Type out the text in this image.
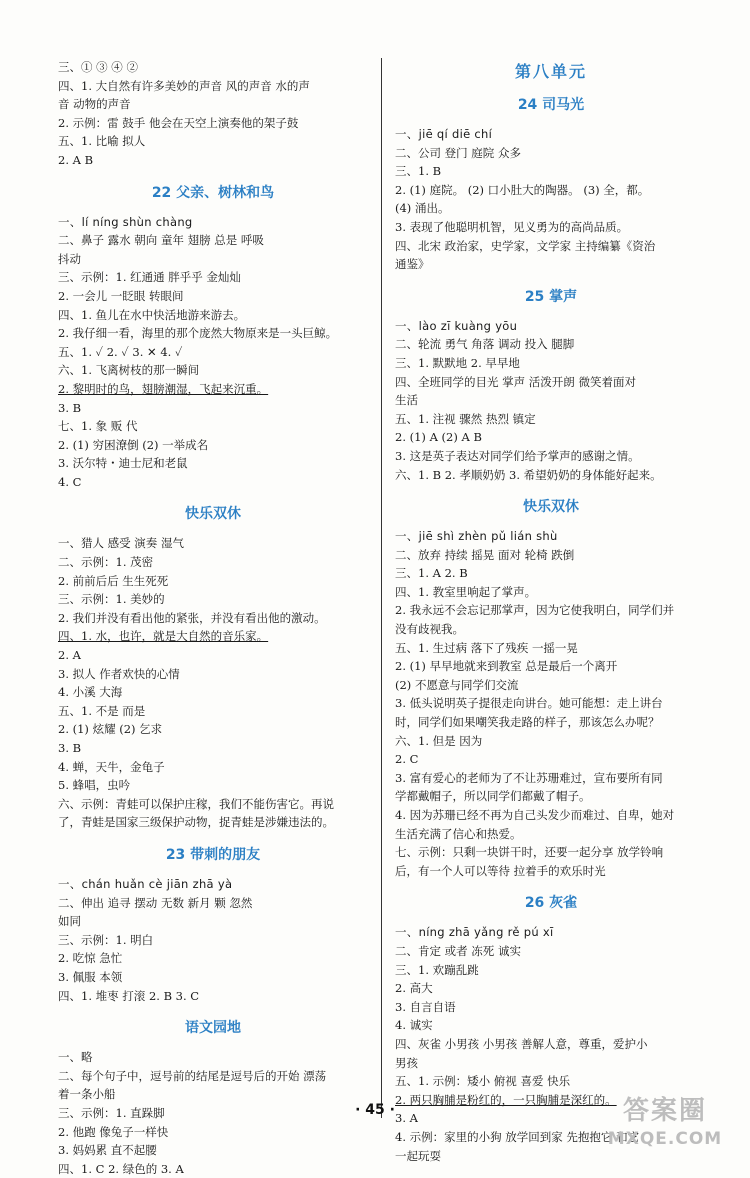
三、① ③ ④ ②
四、1. 大自然有许多美妙的声音 风的声音 水的声
音 动物的声音
2. 示例：雷 鼓手 他会在天空上演奏他的架子鼓
五、1. 比喻 拟人
2. A B
22 父亲、树林和鸟
一、lí níng shùn chàng
二、鼻子 露水 朝向 童年 翅膀 总是 呼吸
抖动
三、示例：1. 红通通 胖乎乎 金灿灿
2. 一会儿 一眨眼 转眼间
四、1. 鱼儿在水中快活地游来游去。
2. 我仔细一看，海里的那个庞然大物原来是一头巨鲸。
五、1. ✓ 2. ✓ 3. ✕ 4. ✓
六、1. 飞离树枝的那一瞬间
2. 黎明时的鸟，翅膀潮湿，飞起来沉重。
3. B
七、1. 象 贩 代
2. (1) 穷困潦倒 (2) 一举成名
3. 沃尔特・迪士尼和老鼠
4. C
快乐双休
一、猎人 感受 演奏 湿气
二、示例：1. 茂密
2. 前前后后 生生死死
三、示例：1. 美妙的
2. 我们并没有看出他的紧张，并没有看出他的激动。
四、1. 水，也许，就是大自然的音乐家。
2. A
3. 拟人 作者欢快的心情
4. 小溪 大海
五、1. 不是 而是
2. (1) 炫耀 (2) 乞求
3. B
4. 蝉，天牛，金龟子
5. 蜂唱，虫吟
六、示例：青蛙可以保护庄稼，我们不能伤害它。再说
了，青蛙是国家三级保护动物，捉青蛙是涉嫌违法的。
23 带刺的朋友
一、chán huǎn cè jiān zhā yà
二、伸出 追寻 摆动 无数 新月 颗 忽然
如同
三、示例：1. 明白
2. 吃惊 急忙
3. 佩服 本领
四、1. 堆枣 打滚 2. B 3. C
语文园地
一、略
二、每个句子中，逗号前的结尾是逗号后的开始 漂荡
着一条小船
三、示例：1. 直跺脚
2. 他跑 像兔子一样快
3. 妈妈累 直不起腰
四、1. C 2. 绿色的 3. A
第八单元
24 司马光
一、jiē qí diē chí
二、公司 登门 庭院 众多
三、1. B
2. (1) 庭院。 (2) 口小肚大的陶器。 (3) 全，都。
(4) 涌出。
3. 表现了他聪明机智，见义勇为的高尚品质。
四、北宋 政治家，史学家，文学家 主持编纂《资治
通鉴》
25 掌声
一、lào zī kuàng yōu
二、轮流 勇气 角落 调动 投入 腿脚
三、1. 默默地 2. 早早地
四、全班同学的目光 掌声 活泼开朗 微笑着面对
生活
五、1. 注视 骤然 热烈 镇定
2. (1) A (2) A B
3. 这是英子表达对同学们给予掌声的感谢之情。
六、1. B 2. 孝顺奶奶 3. 希望奶奶的身体能好起来。
快乐双休
一、jiē shì zhèn pǔ lián shù
二、放弃 持续 摇晃 面对 轮椅 跌倒
三、1. A 2. B
四、1. 教室里响起了掌声。
2. 我永远不会忘记那掌声，因为它使我明白，同学们并
没有歧视我。
五、1. 生过病 落下了残疾 一摇一晃
2. (1) 早早地就来到教室 总是最后一个离开
(2) 不愿意与同学们交流
3. 低头说明英子提很走向讲台。她可能想：走上讲台
时，同学们如果嘲笑我走路的样子，那该怎么办呢？
六、1. 但是 因为
2. C
3. 富有爱心的老师为了不让苏珊难过，宣布要所有同
学都戴帽子，所以同学们都戴了帽子。
4. 因为苏珊已经不再为自己头发少而难过、自卑，她对
生活充满了信心和热爱。
七、示例：只剩一块饼干时，还要一起分享 放学铃响
后，有一个人可以等待 拉着手的欢乐时光
26 灰雀
一、níng zhā yǎng rě pú xī
二、肯定 或者 冻死 诚实
三、1. 欢蹦乱跳
2. 高大
3. 自言自语
4. 诚实
四、灰雀 小男孩 小男孩 善解人意，尊重，爱护小
男孩
五、1. 示例：矮小 俯视 喜爱 快乐
2. 两只胸脯是粉红的，一只胸脯是深红的。
3. A
4. 示例：家里的小狗 放学回到家 先抱抱它 和它
一起玩耍
· 45 ·	答案圈
MXQE.COM
